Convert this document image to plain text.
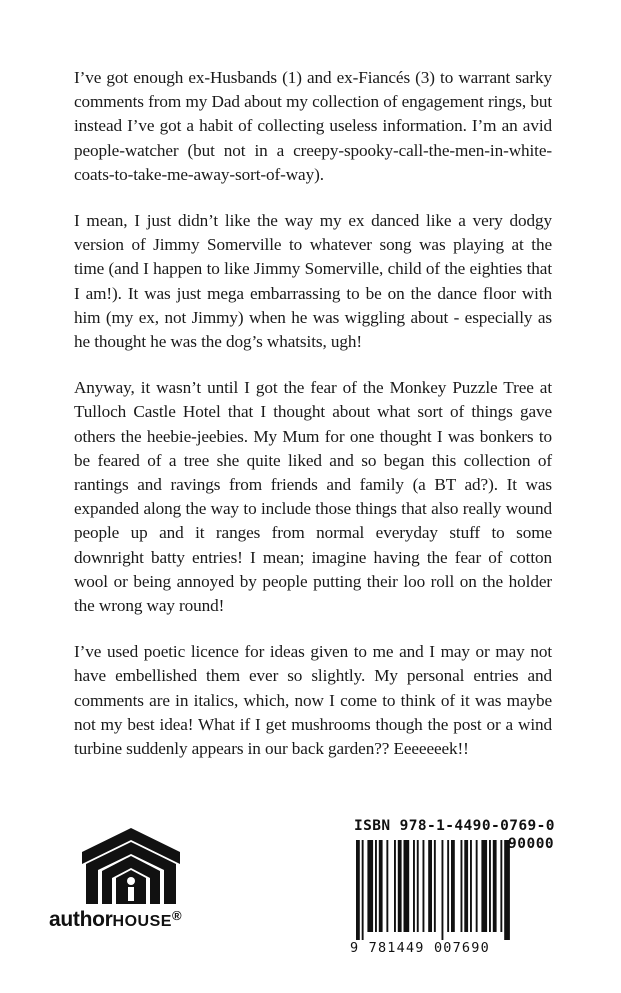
I’ve got enough ex-Husbands (1) and ex-Fiancés (3) to warrant sarky comments from my Dad about my collection of engagement rings, but instead I’ve got a habit of collecting useless information. I’m an avid people-watcher (but not in a creepy-spooky-call-the-men-in-white-coats-to-take-me-away-sort-of-way).

I mean, I just didn’t like the way my ex danced like a very dodgy version of Jimmy Somerville to whatever song was playing at the time (and I happen to like Jimmy Somerville, child of the eighties that I am!). It was just mega embarrassing to be on the dance floor with him (my ex, not Jimmy) when he was wiggling about - especially as he thought he was the dog’s whatsits, ugh!

Anyway, it wasn’t until I got the fear of the Monkey Puzzle Tree at Tulloch Castle Hotel that I thought about what sort of things gave others the heebie-jeebies. My Mum for one thought I was bonkers to be feared of a tree she quite liked and so began this collection of rantings and ravings from friends and family (a BT ad?). It was expanded along the way to include those things that also really wound people up and it ranges from normal everyday stuff to some downright batty entries! I mean; imagine having the fear of cotton wool or being annoyed by people putting their loo roll on the holder the wrong way round!

I’ve used poetic licence for ideas given to me and I may or may not have embellished them ever so slightly. My personal entries and comments are in italics, which, now I come to think of it was maybe not my best idea! What if I get mushrooms though the post or a wind turbine suddenly appears in our back garden?? Eeeeeeek!!

authorHOUSE®
ISBN 978-1-4490-0769-0
90000
9 781449 007690
